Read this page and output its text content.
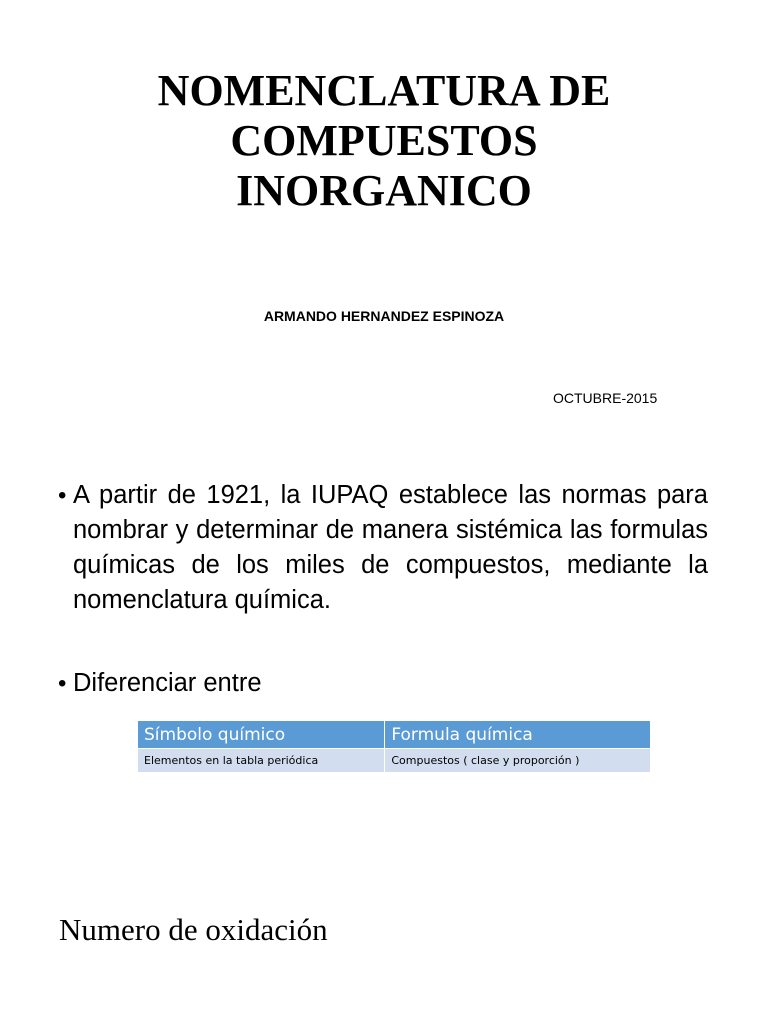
NOMENCLATURA DE
COMPUESTOS
INORGANICO
ARMANDO HERNANDEZ ESPINOZA
OCTUBRE-2015
• A partir de 1921, la IUPAQ establece las normas para nombrar y determinar de manera sistémica las formulas químicas de los miles de compuestos, mediante la nomenclatura química.
• Diferenciar entre
Símbolo químico	Formula química
Elementos en la tabla periódica	Compuestos ( clase y proporción )
Numero de oxidación
